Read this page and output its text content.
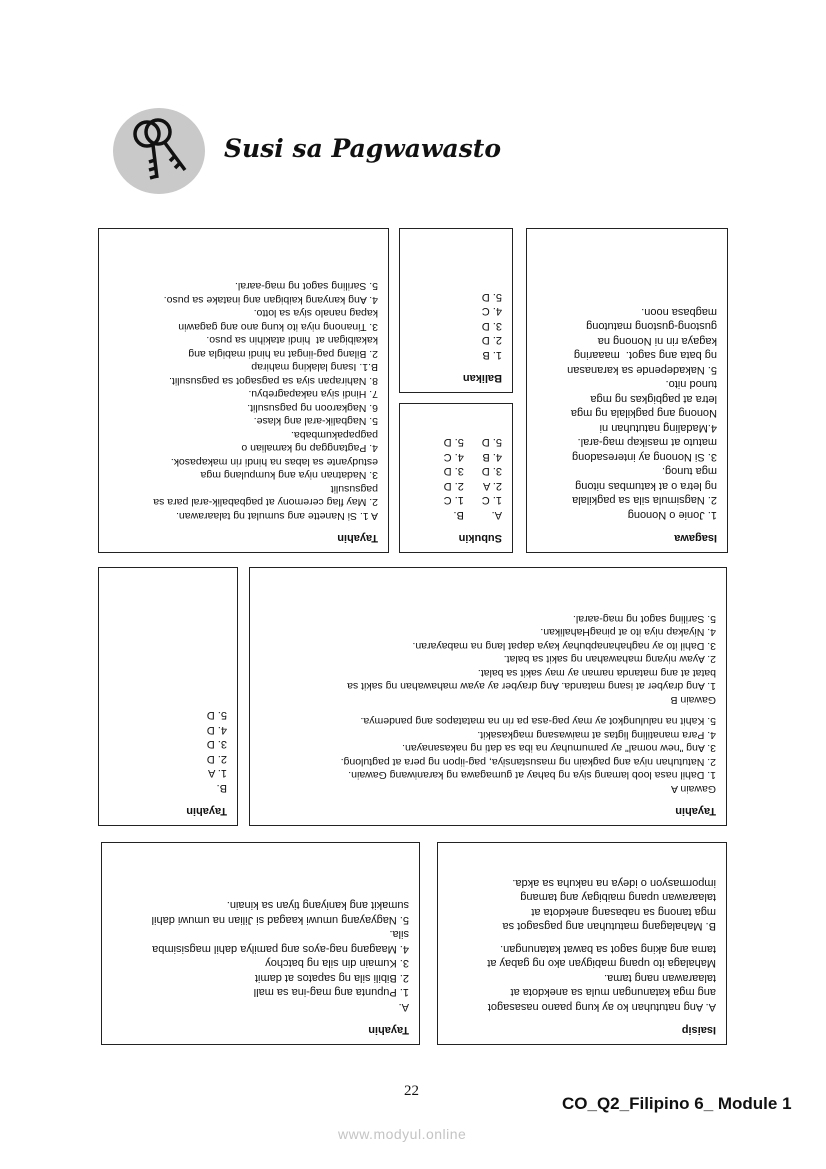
Susi sa Pagwawasto
Tayahin
A 1. Si Nanette ang sumulat ng talaarawan.
2. May flag ceremony at pagbabalik-aral para sa
pagsusulit
3. Nadatnan niya ang kumpulang mga
estudyante sa labas na hindi rin makapasok.
4. Pagtanggap ng kamalian o
pagpapakumbaba.
5. Nagbalik-aral ang klase.
6. Nagkaroon ng pagsusulit.
7. Hindi siya nakapagrebyu.
8. Nahirapan siya sa pagsagot sa pagsusulit.
B.1. Isang lalaking mahirap
2. Bilang pag-iingat na hindi mabigla ang
kakaibigan at  hindi atakihin sa puso.
3. Tinanong niya ito kung ano ang gagawin
kapag nanalo siya sa lotto.
4. Ang kanyang kaibigan ang inatake sa puso.
5. Sariling sagot ng mag-aaral.
Subukin
A.
1. C
2. A
3. D
4. B
5. D
B.
1. C
2. D
3. D
4. C
5. D
Balikan
1. B
2. D
3. D
4. C
5. D
Isagawa
1. Jonie o Nonong
2. Nagsimula sila sa pagkilala
ng letra o at katumbas nitong
mga tunog.
3. Si Nonong ay interesadong
matuto at masikap mag-aral.
4.Madaling natutuhan ni
Nonong ang pagkilala ng mga
letra at pagbigkas ng mga
tunod nito.
5. Nakadepende sa karanasan
ng bata ang sagot.  maaaring
kagaya rin ni Nonong na
gustong-gustong matutong
magbasa noon.
Tayahin
B.
1. A
2. D
3. D
4. D
5. D
Tayahin
Gawain A
1. Dahil nasa loob lamang siya ng bahay at gumagawa ng karaniwang Gawain.
2. Natutuhan niya ang pagkain ng masustansiya, pag-iipon ng pera at pagtulong.
3. Ang "new nomal" ay pamumuhay na iba sa dati ng nakasanayan.
4. Para manatiling ligtas at maiwasang magkasakit.
5. Kahit na nalulungkot ay may pag-asa pa rin na matatapos ang pandemya.
Gawain B
1. Ang drayber at isang matanda. Ang drayber ay ayaw mahawahan ng sakit sa
batat at ang matanda naman ay may sakit sa balat.
2. Ayaw niyang mahawahan ng sakit sa balat.
3. Dahil ito ay naghahanapbuhay kaya dapat lang na mabayaran.
4. Niyakap niya ito at pinagHahalikan.
5. Sariling sagot ng mag-aaral.
Tayahin
A.
1. Pupunta ang mag-ina sa mall
2. Bibili sila ng sapatos at damit
3. Kumain din sila ng batchoy
4. Maagang nag-ayos ang pamilya dahil magsisimba
sila.
5. Nagyayang umuwi kaagad si Jilian na umuwi dahil
sumakit ang kaniyang tiyan sa kinain.
Isaisip
A. Ang natutuhan ko ay kung paano nasasagot
ang mga katanungan mula sa anekdota at
talaarawan nang tama.
Mahalaga ito upang mabigyan ako ng gabay at
tama ang aking sagot sa bawat katanungan.
B. Mahalagang matutuhan ang pagsagot sa
mga tanong sa nabasang anekdota at
talaarawan upang maibigay ang tamang
impormasyon o ideya na nakuha sa akda.
22
CO_Q2_Filipino 6_ Module 1
www.modyul.online
